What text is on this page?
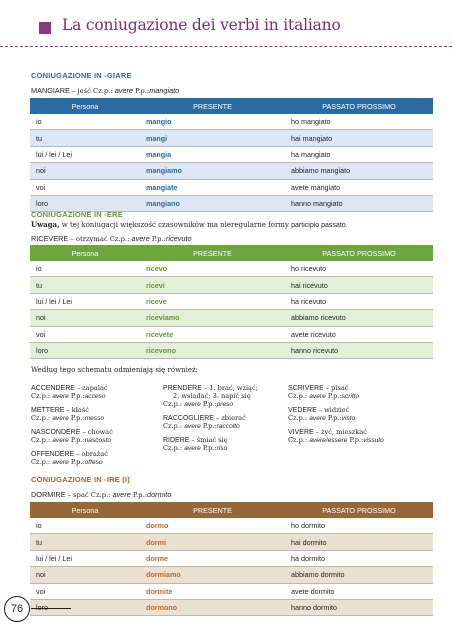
La coniugazione dei verbi in italiano
CONIUGAZIONE IN -GIARE
MANGIARE – jeść Cz.p.: avere P.p.:mangiato
Persona	PRESENTE	PASSATO PROSSIMO
io	mangio	ho mangiato
tu	mangi	hai mangiato
lui / lei / Lei	mangia	ha mangiato
noi	mangiamo	abbiamo mangiato
voi	mangiate	avete mangiato
loro	mangiano	hanno mangiato
CONIUGAZIONE IN -ERE
Uwaga, w tej koniugacji większość czasowników ma nieregularne formy participio passato.
RICEVERE – otrzymać Cz.p.: avere P.p.:ricevuto
Persona	PRESENTE	PASSATO PROSSIMO
io	ricevo	ho ricevuto
tu	ricevi	hai ricevuto
lui / lei / Lei	riceve	ha ricevuto
noi	riceviamo	abbiamo ricevuto
voi	ricevete	avete ricevuto
loro	ricevono	hanno ricevuto
Według tego schematu odmieniają się również:
ACCENDERE – zapalać
Cz.p.: avere P.p.:acceso
METTERE – kłaść
Cz.p.: avere P.p.:messo
NASCONDERE – chować
Cz.p.: avere P.p.:nascosto
OFFENDERE – obrażać
Cz.p.: avere P.p.:offeso
PRENDERE – 1. brać, wziąć;
2. wsiadać; 3. napić się
Cz.p.: avere P.p.:preso
RACCOGLIERE – zbierać
Cz.p.: avere P.p.:raccolto
RIDERE – śmiać się
Cz.p.: avere P.p.:riso
SCRIVERE – pisać
Cz.p.: avere P.p.:scritto
VEDERE – widzieć
Cz.p.: avere P.p.:visto
VIVERE – żyć, mieszkać
Cz.p.: avere/essere P.p.:vissuto
CONIUGAZIONE IN -IRE (I)
DORMIRE – spać Cz.p.: avere P.p.:dormito
Persona	PRESENTE	PASSATO PROSSIMO
io	dormo	ho dormito
tu	dormi	hai dormito
lui / lei / Lei	dorme	ha dormito
noi	dormiamo	abbiamo dormito
voi	dormite	avete dormito
loro	dormono	hanno dormito
76
